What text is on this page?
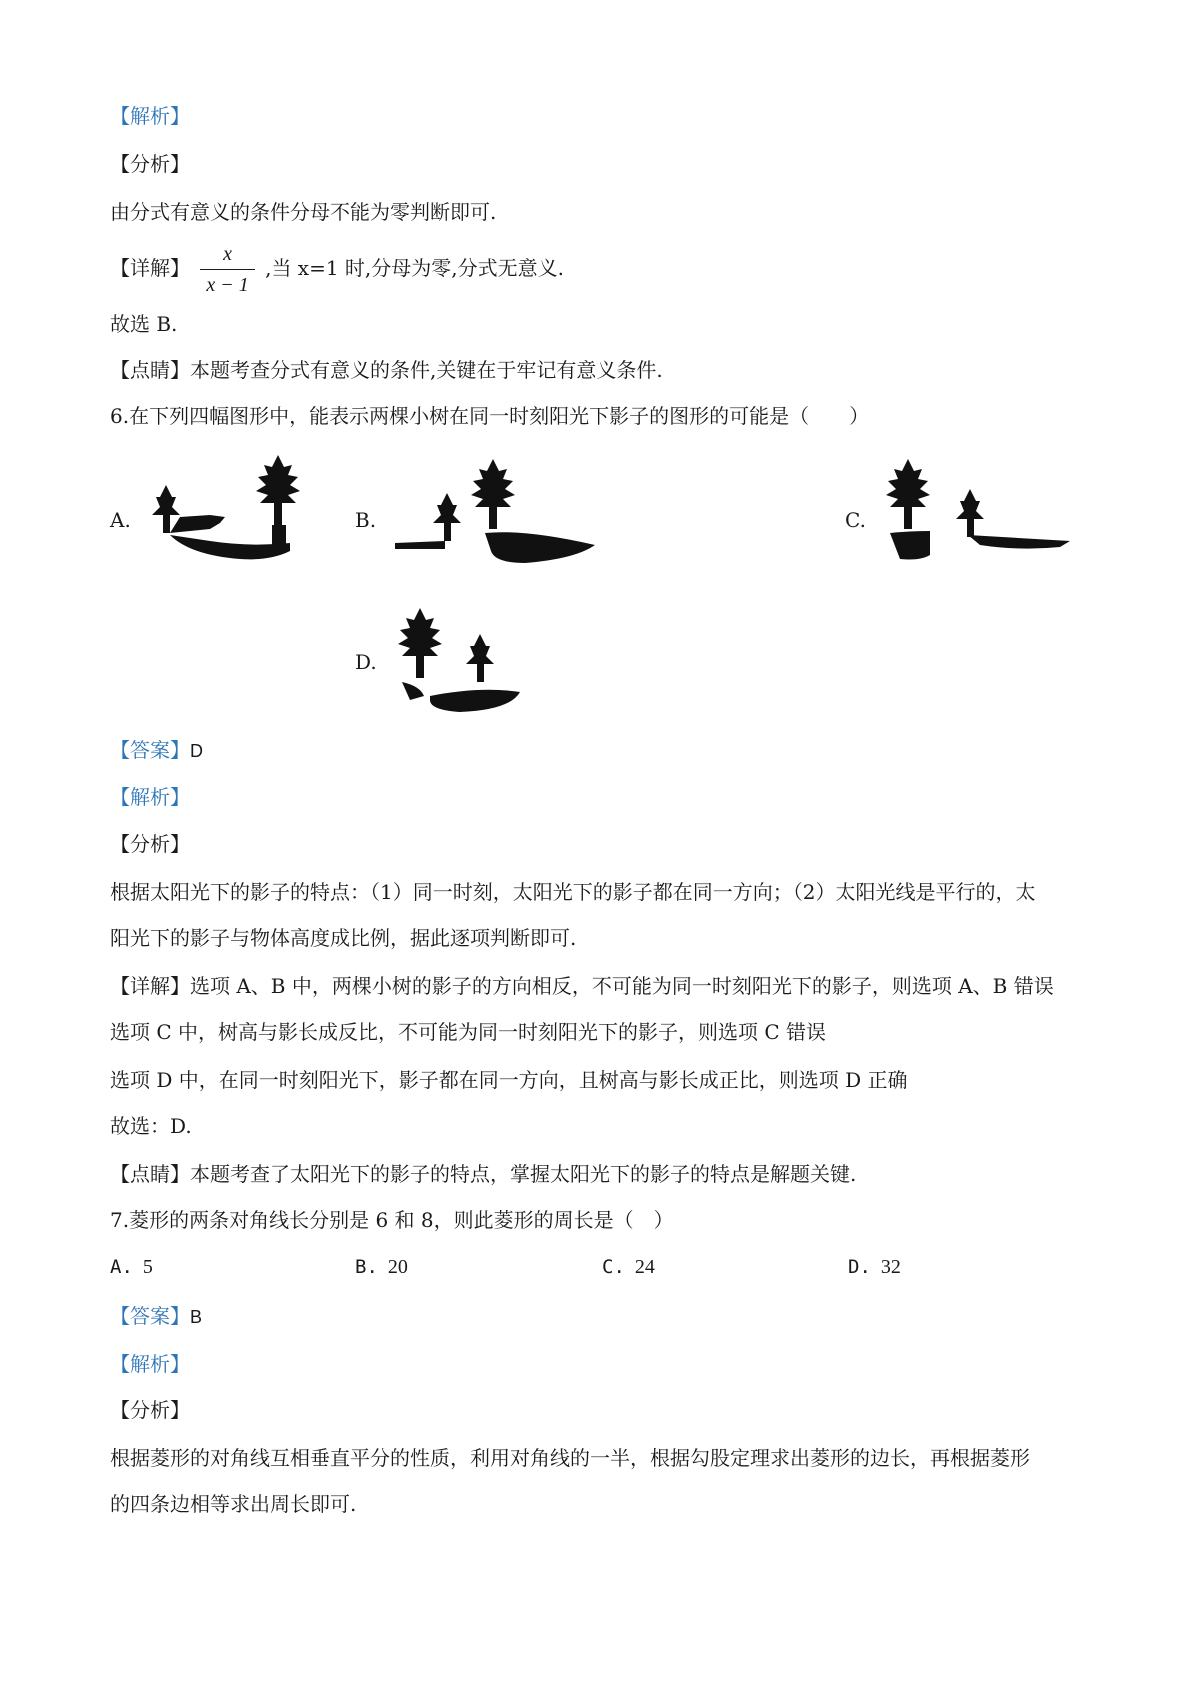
【解析】
【分析】
由分式有意义的条件分母不能为零判断即可.
【详解】 $\frac{x}{x - 1}$ ,当 x=1 时,分母为零,分式无意义.
故选 B.
【点睛】本题考查分式有意义的条件,关键在于牢记有意义条件.
6.在下列四幅图形中，能表示两棵小树在同一时刻阳光下影子的图形的可能是（　　）
A.	B.	C.
D.
【答案】D
【解析】
【分析】
根据太阳光下的影子的特点：（1）同一时刻，太阳光下的影子都在同一方向；（2）太阳光线是平行的，太
阳光下的影子与物体高度成比例，据此逐项判断即可.
【详解】选项 A、B 中，两棵小树的影子的方向相反，不可能为同一时刻阳光下的影子，则选项 A、B 错误
选项 C 中，树高与影长成反比，不可能为同一时刻阳光下的影子，则选项 C 错误
选项 D 中，在同一时刻阳光下，影子都在同一方向，且树高与影长成正比，则选项 D 正确
故选：D.
【点睛】本题考查了太阳光下的影子的特点，掌握太阳光下的影子的特点是解题关键.
7.菱形的两条对角线长分别是 6 和 8，则此菱形的周长是（　）
A. 5	B. 20	C. 24	D. 32
【答案】B
【解析】
【分析】
根据菱形的对角线互相垂直平分的性质，利用对角线的一半，根据勾股定理求出菱形的边长，再根据菱形
的四条边相等求出周长即可.
